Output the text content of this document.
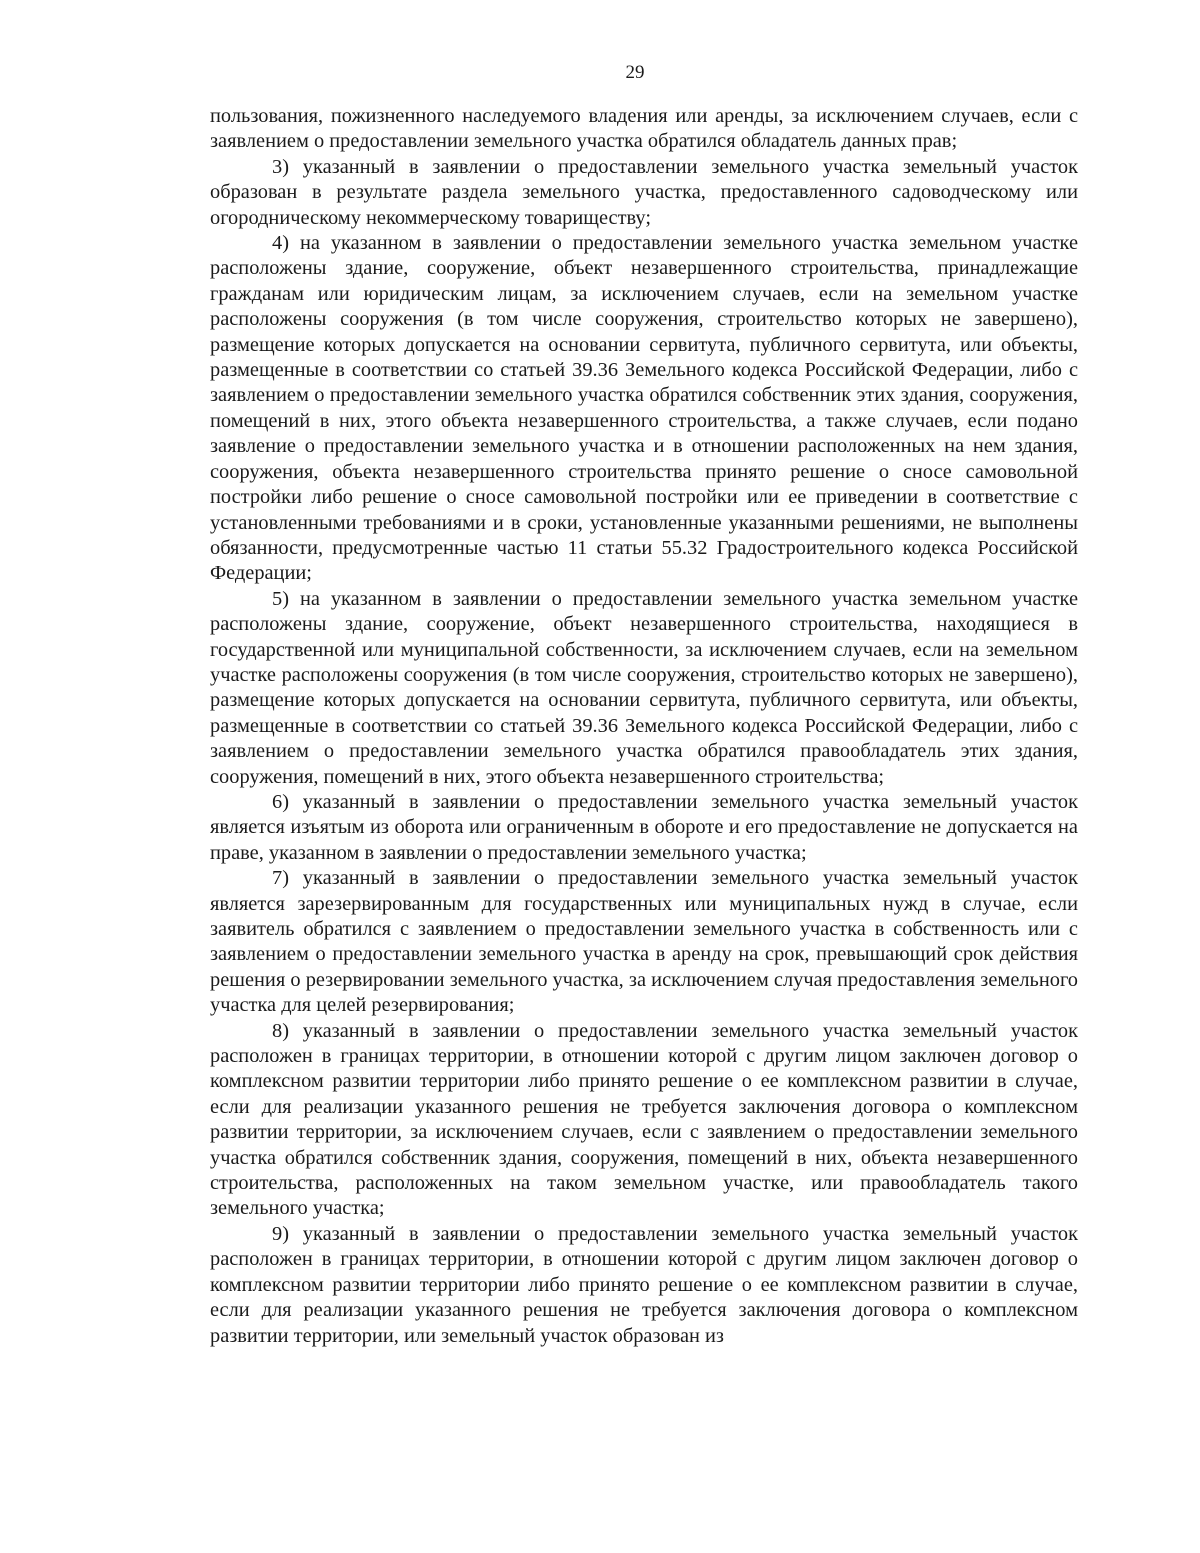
29

пользования, пожизненного наследуемого владения или аренды, за исключением случаев, если с заявлением о предоставлении земельного участка обратился обладатель данных прав;

3) указанный в заявлении о предоставлении земельного участка земельный участок образован в результате раздела земельного участка, предоставленного садоводческому или огородническому некоммерческому товариществу;

4) на указанном в заявлении о предоставлении земельного участка земельном участке расположены здание, сооружение, объект незавершенного строительства, принадлежащие гражданам или юридическим лицам, за исключением случаев, если на земельном участке расположены сооружения (в том числе сооружения, строительство которых не завершено), размещение которых допускается на основании сервитута, публичного сервитута, или объекты, размещенные в соответствии со статьей 39.36 Земельного кодекса Российской Федерации, либо с заявлением о предоставлении земельного участка обратился собственник этих здания, сооружения, помещений в них, этого объекта незавершенного строительства, а также случаев, если подано заявление о предоставлении земельного участка и в отношении расположенных на нем здания, сооружения, объекта незавершенного строительства принято решение о сносе самовольной постройки либо решение о сносе самовольной постройки или ее приведении в соответствие с установленными требованиями и в сроки, установленные указанными решениями, не выполнены обязанности, предусмотренные частью 11 статьи 55.32 Градостроительного кодекса Российской Федерации;

5) на указанном в заявлении о предоставлении земельного участка земельном участке расположены здание, сооружение, объект незавершенного строительства, находящиеся в государственной или муниципальной собственности, за исключением случаев, если на земельном участке расположены сооружения (в том числе сооружения, строительство которых не завершено), размещение которых допускается на основании сервитута, публичного сервитута, или объекты, размещенные в соответствии со статьей 39.36 Земельного кодекса Российской Федерации, либо с заявлением о предоставлении земельного участка обратился правообладатель этих здания, сооружения, помещений в них, этого объекта незавершенного строительства;

6) указанный в заявлении о предоставлении земельного участка земельный участок является изъятым из оборота или ограниченным в обороте и его предоставление не допускается на праве, указанном в заявлении о предоставлении земельного участка;

7) указанный в заявлении о предоставлении земельного участка земельный участок является зарезервированным для государственных или муниципальных нужд в случае, если заявитель обратился с заявлением о предоставлении земельного участка в собственность или с заявлением о предоставлении земельного участка в аренду на срок, превышающий срок действия решения о резервировании земельного участка, за исключением случая предоставления земельного участка для целей резервирования;

8) указанный в заявлении о предоставлении земельного участка земельный участок расположен в границах территории, в отношении которой с другим лицом заключен договор о комплексном развитии территории либо принято решение о ее комплексном развитии в случае, если для реализации указанного решения не требуется заключения договора о комплексном развитии территории, за исключением случаев, если с заявлением о предоставлении земельного участка обратился собственник здания, сооружения, помещений в них, объекта незавершенного строительства, расположенных на таком земельном участке, или правообладатель такого земельного участка;

9) указанный в заявлении о предоставлении земельного участка земельный участок расположен в границах территории, в отношении которой с другим лицом заключен договор о комплексном развитии территории либо принято решение о ее комплексном развитии в случае, если для реализации указанного решения не требуется заключения договора о комплексном развитии территории, или земельный участок образован из
